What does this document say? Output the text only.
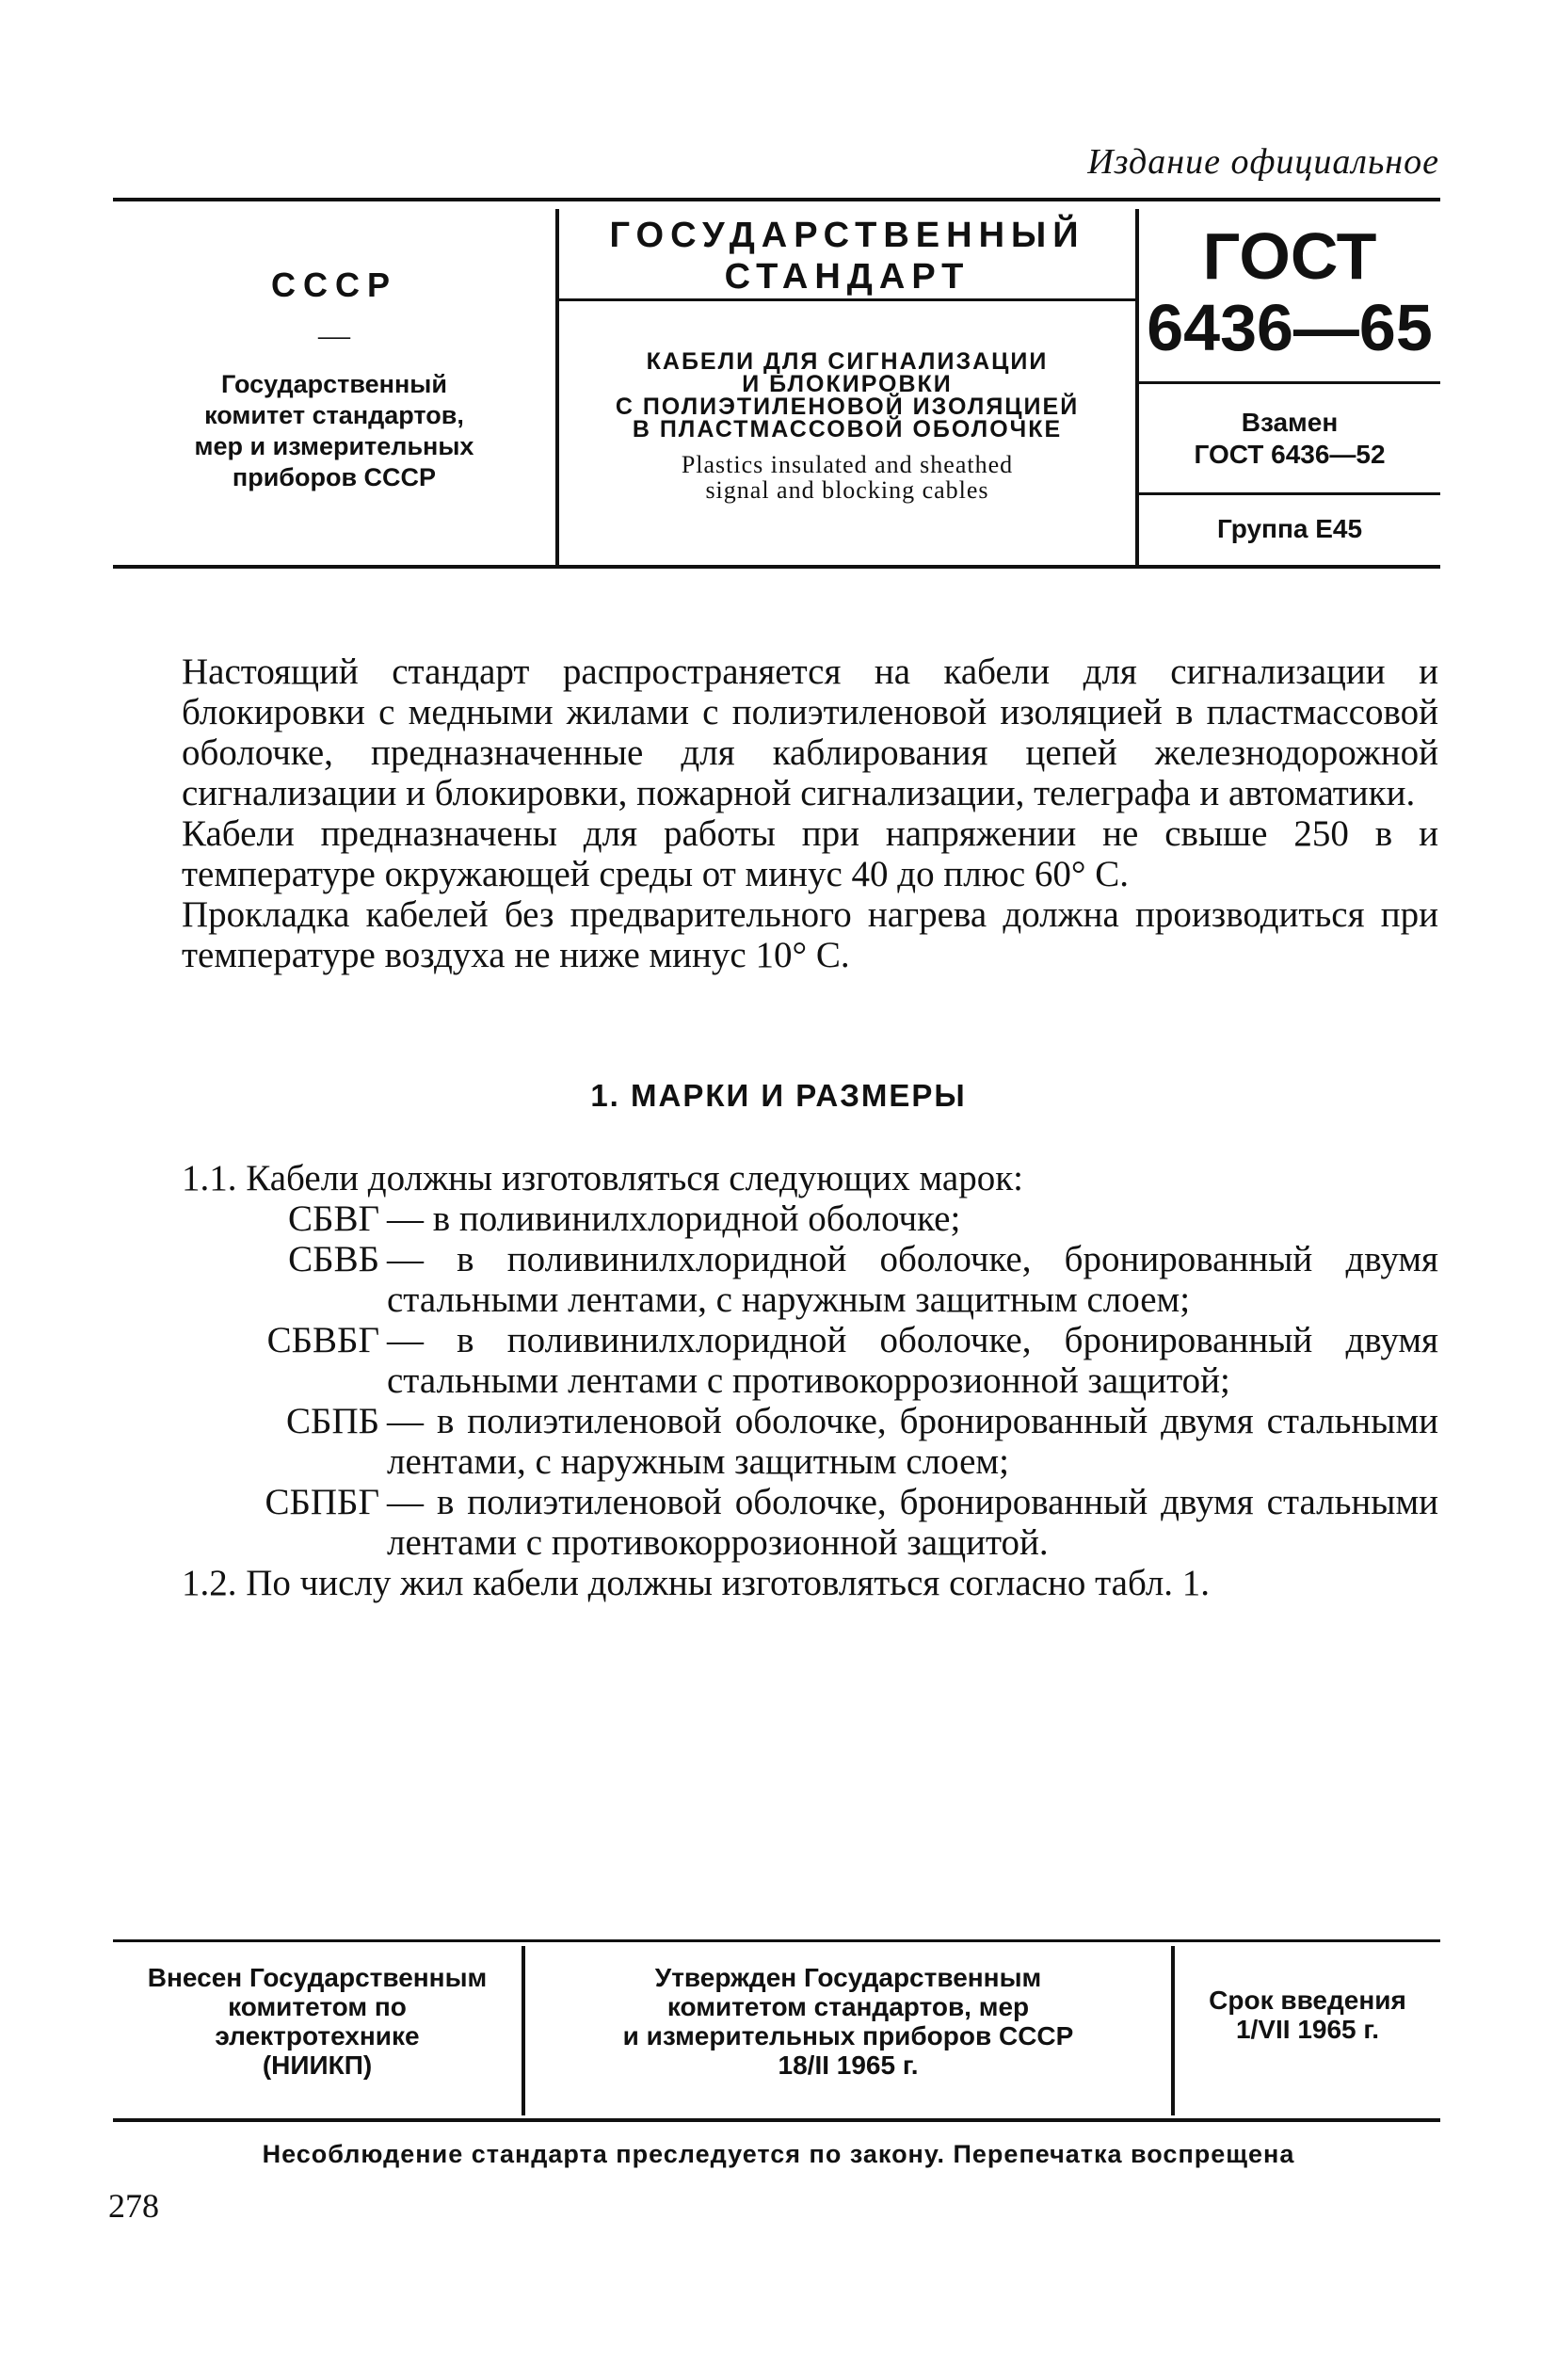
Издание официальное
СССР
—
Государственный
комитет стандартов,
мер и измерительных
приборов СССР
ГОСУДАРСТВЕННЫЙ
СТАНДАРТ
КАБЕЛИ ДЛЯ СИГНАЛИЗАЦИИ
И БЛОКИРОВКИ
С ПОЛИЭТИЛЕНОВОЙ ИЗОЛЯЦИЕЙ
В ПЛАСТМАССОВОЙ ОБОЛОЧКЕ
Plastics insulated and sheathed
signal and blocking cables
ГОСТ
6436—65
Взамен
ГОСТ 6436—52
Группа Е45

Настоящий стандарт распространяется на кабели для сигнализации и блокировки с медными жилами с полиэтиленовой изоляцией в пластмассовой оболочке, предназначенные для каблирования цепей железнодорожной сигнализации и блокировки, пожарной сигнализации, телеграфа и автоматики.

Кабели предназначены для работы при напряжении не свыше 250 в и температуре окружающей среды от минус 40 до плюс 60° С.

Прокладка кабелей без предварительного нагрева должна производиться при температуре воздуха не ниже минус 10° С.

1. МАРКИ И РАЗМЕРЫ
1.1. Кабели должны изготовляться следующих марок:
СБВГ — в поливинилхлоридной оболочке;
СБВБ — в поливинилхлоридной оболочке, бронированный двумя стальными лентами, с наружным защитным слоем;
СБВБГ — в поливинилхлоридной оболочке, бронированный двумя стальными лентами с противокоррозионной защитой;
СБПБ — в полиэтиленовой оболочке, бронированный двумя стальными лентами, с наружным защитным слоем;
СБПБГ — в полиэтиленовой оболочке, бронированный двумя стальными лентами с противокоррозионной защитой.
1.2. По числу жил кабели должны изготовляться согласно табл. 1.
Внесен Государственным
комитетом по
электротехнике
(НИИКП)
Утвержден Государственным
комитетом стандартов, мер
и измерительных приборов СССР
18/II 1965 г.
Срок введения
1/VII 1965 г.
Несоблюдение стандарта преследуется по закону. Перепечатка воспрещена
278
